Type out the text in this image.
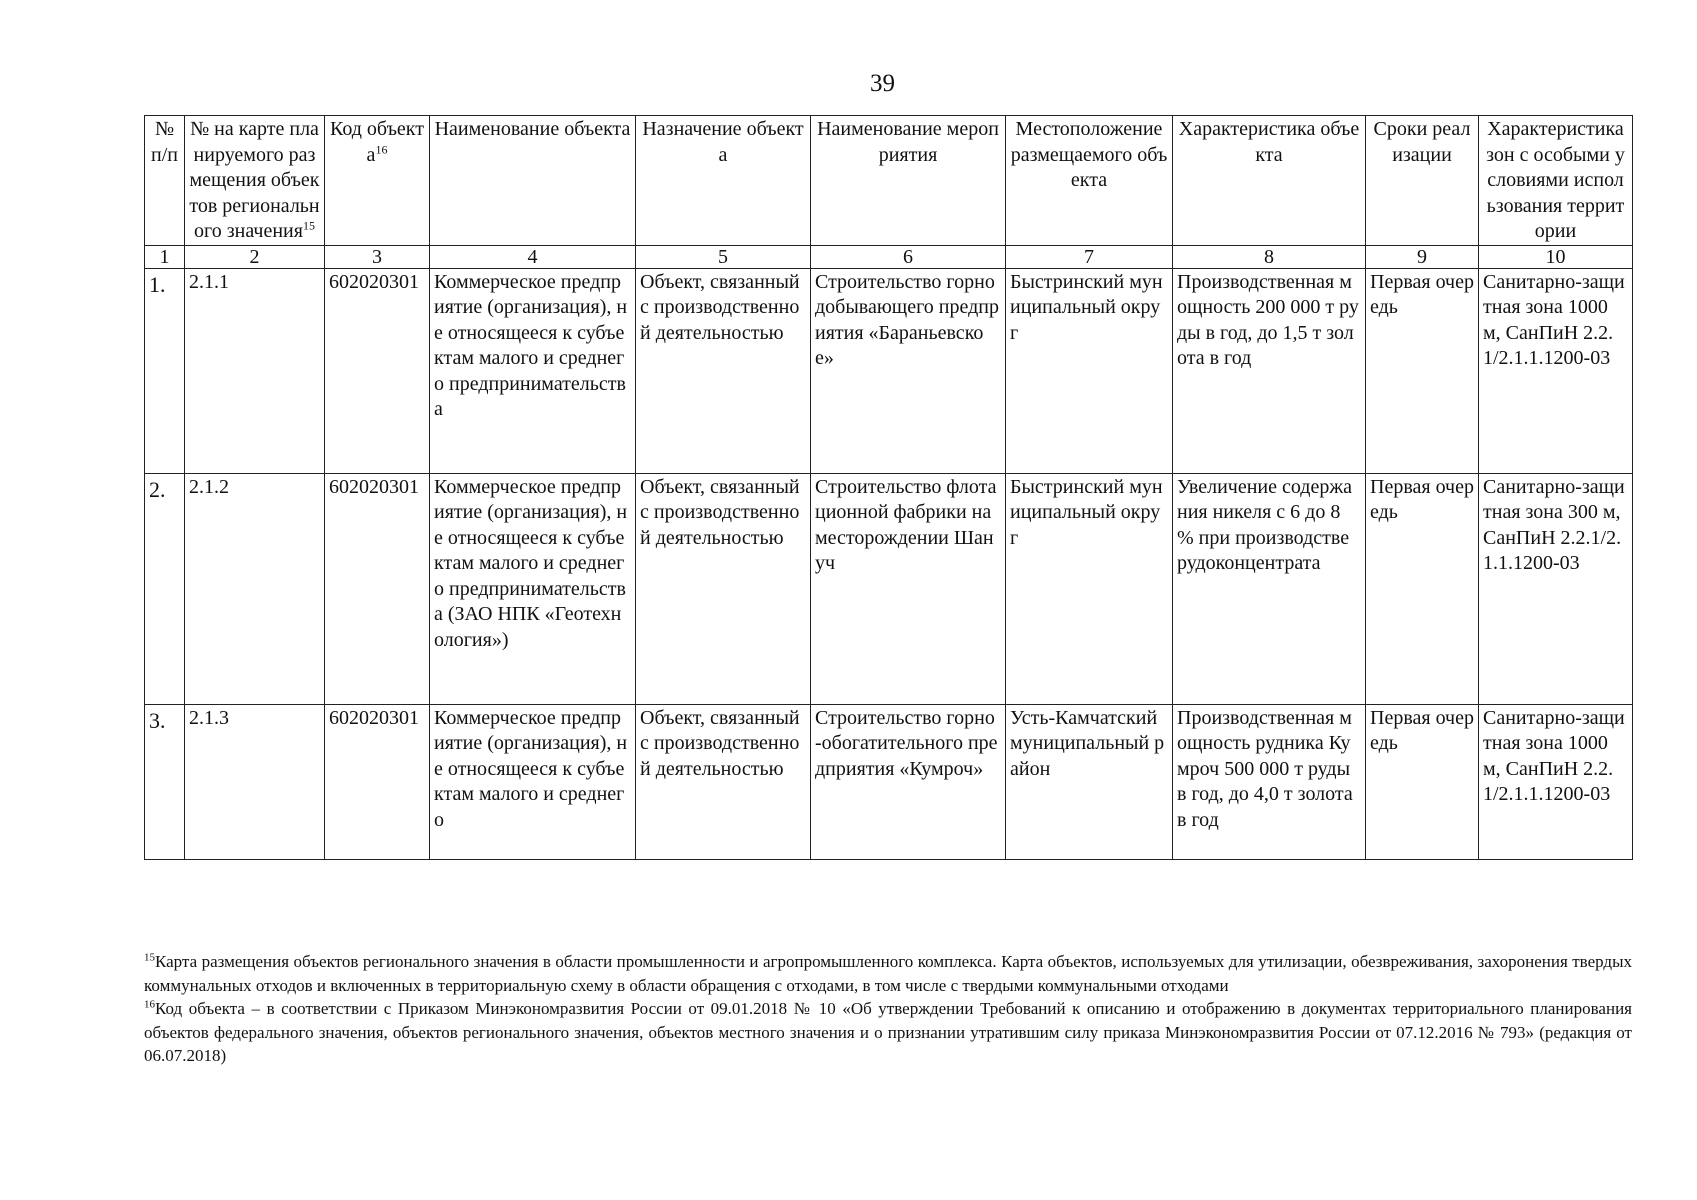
39
№ п/п	№ на карте планируемого размещения объектов регионального значения$^{15}$	Код объекта$^{16}$	Наименование объекта	Назначение объекта	Наименование мероприятия	Местоположение размещаемого объекта	Характеристика объекта	Сроки реализации	Характеристика зон с особыми условиями использования территории
1	2	3	4	5	6	7	8	9	10
1.	2.1.1	602020301	Коммерческое предприятие (организация), не относящееся к субъектам малого и среднего предпринимательства	Объект, связанный с производственной деятельностью	Строительство горнодобывающего предприятия «Бараньевское»	Быстринский муниципальный округ	Производственная мощность 200 000 т руды в год, до 1,5 т золота в год	Первая очередь	Санитарно-защитная зона 1000 м, СанПиН 2.2.1/2.1.1.1200-03
2.	2.1.2	602020301	Коммерческое предприятие (организация), не относящееся к субъектам малого и среднего предпринимательства (ЗАО НПК «Геотехнология»)	Объект, связанный с производственной деятельностью	Строительство флотационной фабрики на месторождении Шануч	Быстринский муниципальный округ	Увеличение содержания никеля с 6 до 8 % при производстве рудоконцентрата	Первая очередь	Санитарно-защитная зона 300 м, СанПиН 2.2.1/2.1.1.1200-03
3.	2.1.3	602020301	Коммерческое предприятие (организация), не относящееся к субъектам малого и среднего	Объект, связанный с производственной деятельностью	Строительство горно-обогатительного предприятия «Кумроч»	Усть-Камчатский муниципальный район	Производственная мощность рудника Кумроч 500 000 т руды в год, до 4,0 т золота в год	Первая очередь	Санитарно-защитная зона 1000 м, СанПиН 2.2.1/2.1.1.1200-03

$^{15}$Карта размещения объектов регионального значения в области промышленности и агропромышленного комплекса. Карта объектов, используемых для утилизации, обезвреживания, захоронения твердых коммунальных отходов и включенных в территориальную схему в области обращения с отходами, в том числе с твердыми коммунальными отходами

$^{16}$Код объекта – в соответствии с Приказом Минэкономразвития России от 09.01.2018 № 10 «Об утверждении Требований к описанию и отображению в документах территориального планирования объектов федерального значения, объектов регионального значения, объектов местного значения и о признании утратившим силу приказа Минэкономразвития России от 07.12.2016 № 793» (редакция от 06.07.2018)
